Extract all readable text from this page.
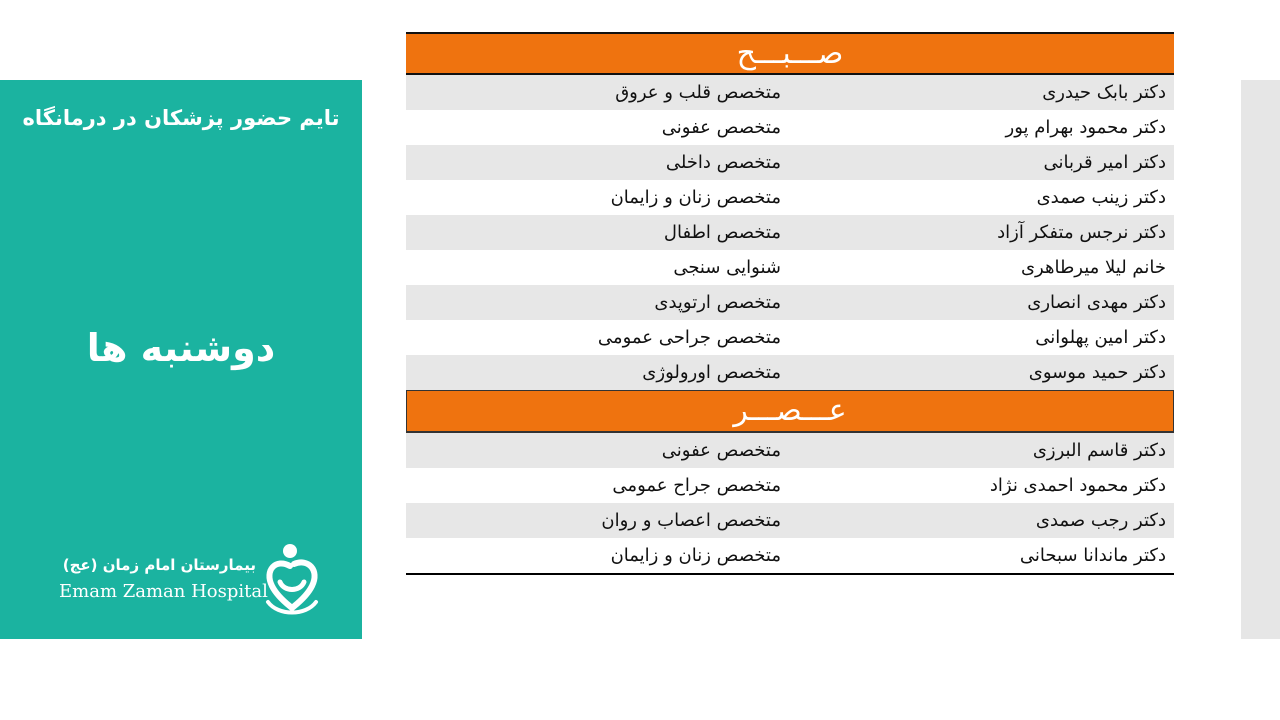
تایم حضور پزشکان در درمانگاه
دوشنبه ها
بیمارستان امام زمان (عج)
Emam Zaman Hospital
صـــبـــح
دکتر بابک حیدری
متخصص قلب و عروق
دکتر محمود بهرام پور
متخصص عفونی
دکتر امیر قربانی
متخصص داخلی
دکتر زینب صمدی
متخصص زنان و زایمان
دکتر نرجس متفکر آزاد
متخصص اطفال
خانم لیلا میرطاهری
شنوایی سنجی
دکتر مهدی انصاری
متخصص ارتوپدی
دکتر امین پهلوانی
متخصص جراحی عمومی
دکتر حمید موسوی
متخصص اورولوژی
عـــصـــر
دکتر قاسم البرزی
متخصص عفونی
دکتر محمود احمدی نژاد
متخصص جراح عمومی
دکتر رجب صمدی
متخصص اعصاب و روان
دکتر ماندانا سبحانی
متخصص زنان و زایمان
